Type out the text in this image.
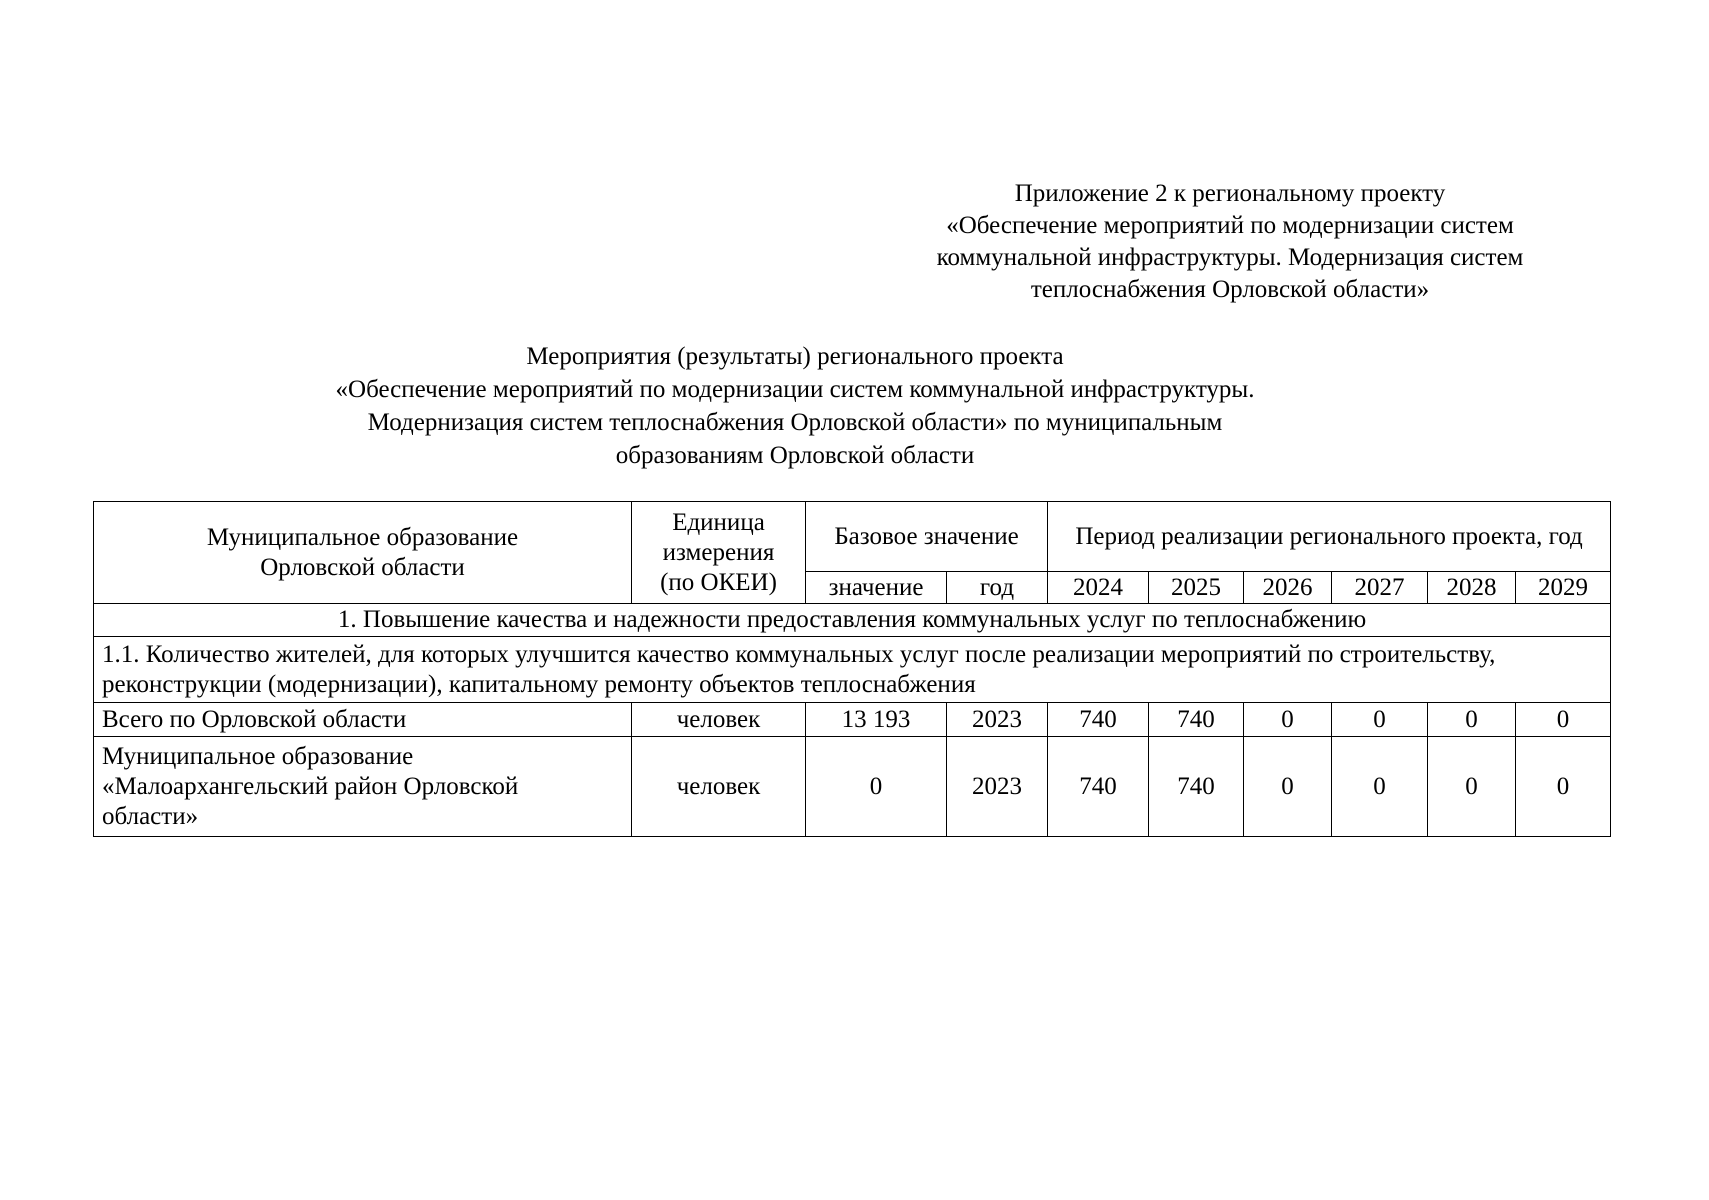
Приложение 2 к региональному проекту
«Обеспечение мероприятий по модернизации систем
коммунальной инфраструктуры. Модернизация систем
теплоснабжения Орловской области»
Мероприятия (результаты) регионального проекта
«Обеспечение мероприятий по модернизации систем коммунальной инфраструктуры.
Модернизация систем теплоснабжения Орловской области» по муниципальным
образованиям Орловской области
Муниципальное образование Орловской области	Единица измерения (по ОКЕИ)	Базовое значение		Период реализации регионального проекта, год					
		значение	год	2024	2025	2026	2027	2028	2029
1. Повышение качества и надежности предоставления коммунальных услуг по теплоснабжению									
1.1. Количество жителей, для которых улучшится качество коммунальных услуг после реализации мероприятий по строительству, реконструкции (модернизации), капитальному ремонту объектов теплоснабжения									
Всего по Орловской области	человек	13 193	2023	740	740	0	0	0	0
Муниципальное образование «Малоархангельский район Орловской области»	человек	0	2023	740	740	0	0	0	0
